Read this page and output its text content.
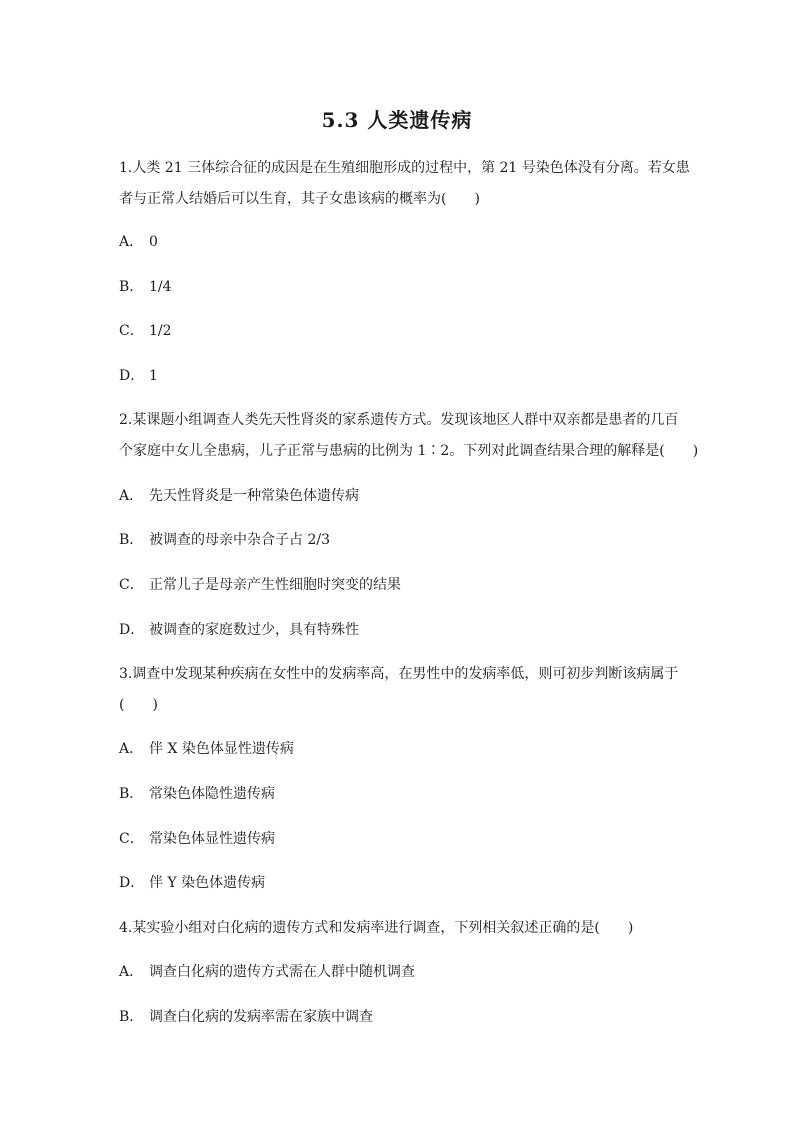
5.3 人类遗传病
1.人类 21 三体综合征的成因是在生殖细胞形成的过程中，第 21 号染色体没有分离。若女患
者与正常人结婚后可以生育，其子女患该病的概率为(　　)
A． 0
B． 1/4
C． 1/2
D． 1
2.某课题小组调查人类先天性肾炎的家系遗传方式。发现该地区人群中双亲都是患者的几百
个家庭中女儿全患病，儿子正常与患病的比例为 1∶2。下列对此调查结果合理的解释是(　　)
A． 先天性肾炎是一种常染色体遗传病
B． 被调查的母亲中杂合子占 2/3
C． 正常儿子是母亲产生性细胞时突变的结果
D． 被调查的家庭数过少，具有特殊性
3.调查中发现某种疾病在女性中的发病率高，在男性中的发病率低，则可初步判断该病属于
(　　)
A． 伴 X 染色体显性遗传病
B． 常染色体隐性遗传病
C． 常染色体显性遗传病
D． 伴 Y 染色体遗传病
4.某实验小组对白化病的遗传方式和发病率进行调查，下列相关叙述正确的是(　　)
A． 调查白化病的遗传方式需在人群中随机调查
B． 调查白化病的发病率需在家族中调查
